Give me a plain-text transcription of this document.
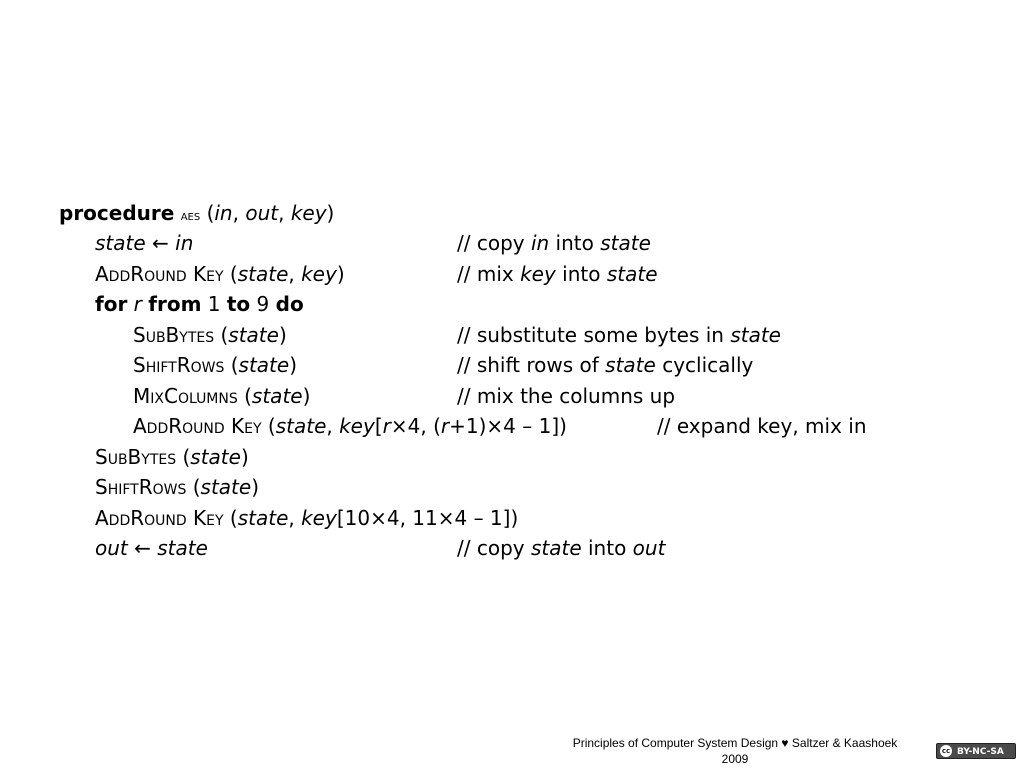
procedure aes (in, out, key)
state ← in	// copy in into state
AddRound Key (state, key)	// mix key into state
for r from 1 to 9 do
SubBytes (state)	// substitute some bytes in state
ShiftRows (state)	// shift rows of state cyclically
MixColumns (state)	// mix the columns up
AddRound Key (state, key[r×4, (r+1)×4 – 1])	// expand key, mix in
SubBytes (state)
ShiftRows (state)
AddRound Key (state, key[10×4, 11×4 – 1])
out ← state	// copy state into out
Principles of Computer System Design ♥ Saltzer & Kaashoek
2009
cc BY-NC-SA
